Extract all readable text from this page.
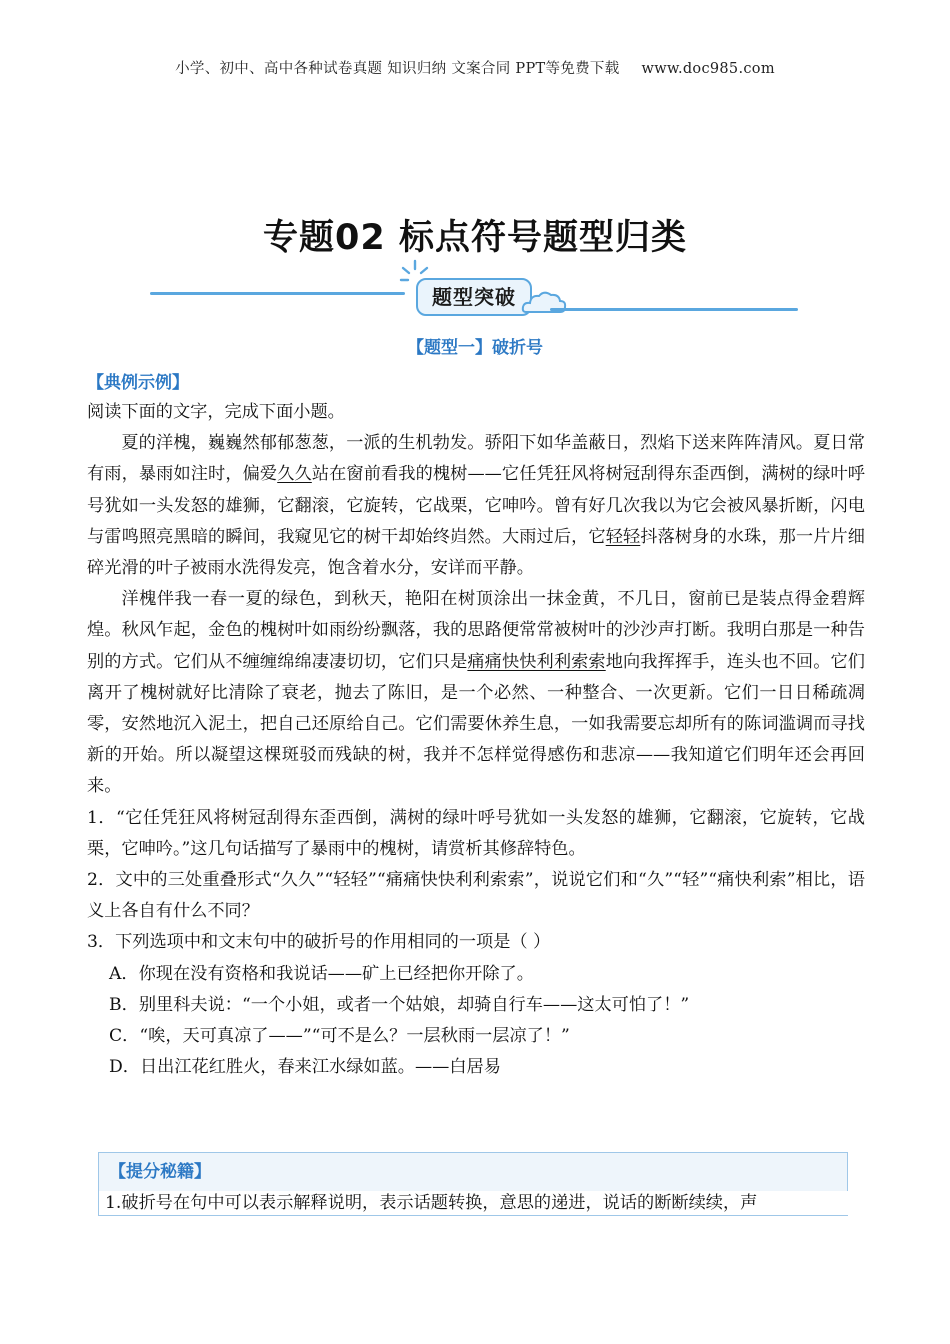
小学、初中、高中各种试卷真题 知识归纳 文案合同 PPT等免费下载 www.doc985.com
专题02 标点符号题型归类
题型突破
【题型一】破折号
【典例示例】

阅读下面的文字，完成下面小题。

夏的洋槐，巍巍然郁郁葱葱，一派的生机勃发。骄阳下如华盖蔽日，烈焰下送来阵阵清风。夏日常有雨，暴雨如注时，偏爱久久站在窗前看我的槐树——它任凭狂风将树冠刮得东歪西倒，满树的绿叶呼号犹如一头发怒的雄狮，它翻滚，它旋转，它战栗，它呻吟。曾有好几次我以为它会被风暴折断，闪电与雷鸣照亮黑暗的瞬间，我窥见它的树干却始终岿然。大雨过后，它轻轻抖落树身的水珠，那一片片细碎光滑的叶子被雨水洗得发亮，饱含着水分，安详而平静。

洋槐伴我一春一夏的绿色，到秋天，艳阳在树顶涂出一抹金黄，不几日，窗前已是装点得金碧辉煌。秋风乍起，金色的槐树叶如雨纷纷飘落，我的思路便常常被树叶的沙沙声打断。我明白那是一种告别的方式。它们从不缠缠绵绵凄凄切切，它们只是痛痛快快利利索索地向我挥挥手，连头也不回。它们离开了槐树就好比清除了衰老，抛去了陈旧，是一个必然、一种整合、一次更新。它们一日日稀疏凋零，安然地沉入泥土，把自己还原给自己。它们需要休养生息，一如我需要忘却所有的陈词滥调而寻找新的开始。所以凝望这棵斑驳而残缺的树，我并不怎样觉得感伤和悲凉——我知道它们明年还会再回来。

1．“它任凭狂风将树冠刮得东歪西倒，满树的绿叶呼号犹如一头发怒的雄狮，它翻滚，它旋转，它战栗，它呻吟。”这几句话描写了暴雨中的槐树，请赏析其修辞特色。

2．文中的三处重叠形式“久久”“轻轻”“痛痛快快利利索索”，说说它们和“久”“轻”“痛快利索”相比，语义上各自有什么不同？

3．下列选项中和文末句中的破折号的作用相同的一项是（ ）

A．你现在没有资格和我说话——矿上已经把你开除了。

B．别里科夫说：“一个小姐，或者一个姑娘，却骑自行车——这太可怕了！”

C．“唉，天可真凉了——”“可不是么？一层秋雨一层凉了！”

D．日出江花红胜火，春来江水绿如蓝。——白居易

【提分秘籍】
1.破折号在句中可以表示解释说明，表示话题转换，意思的递进，说话的断断续续，声
